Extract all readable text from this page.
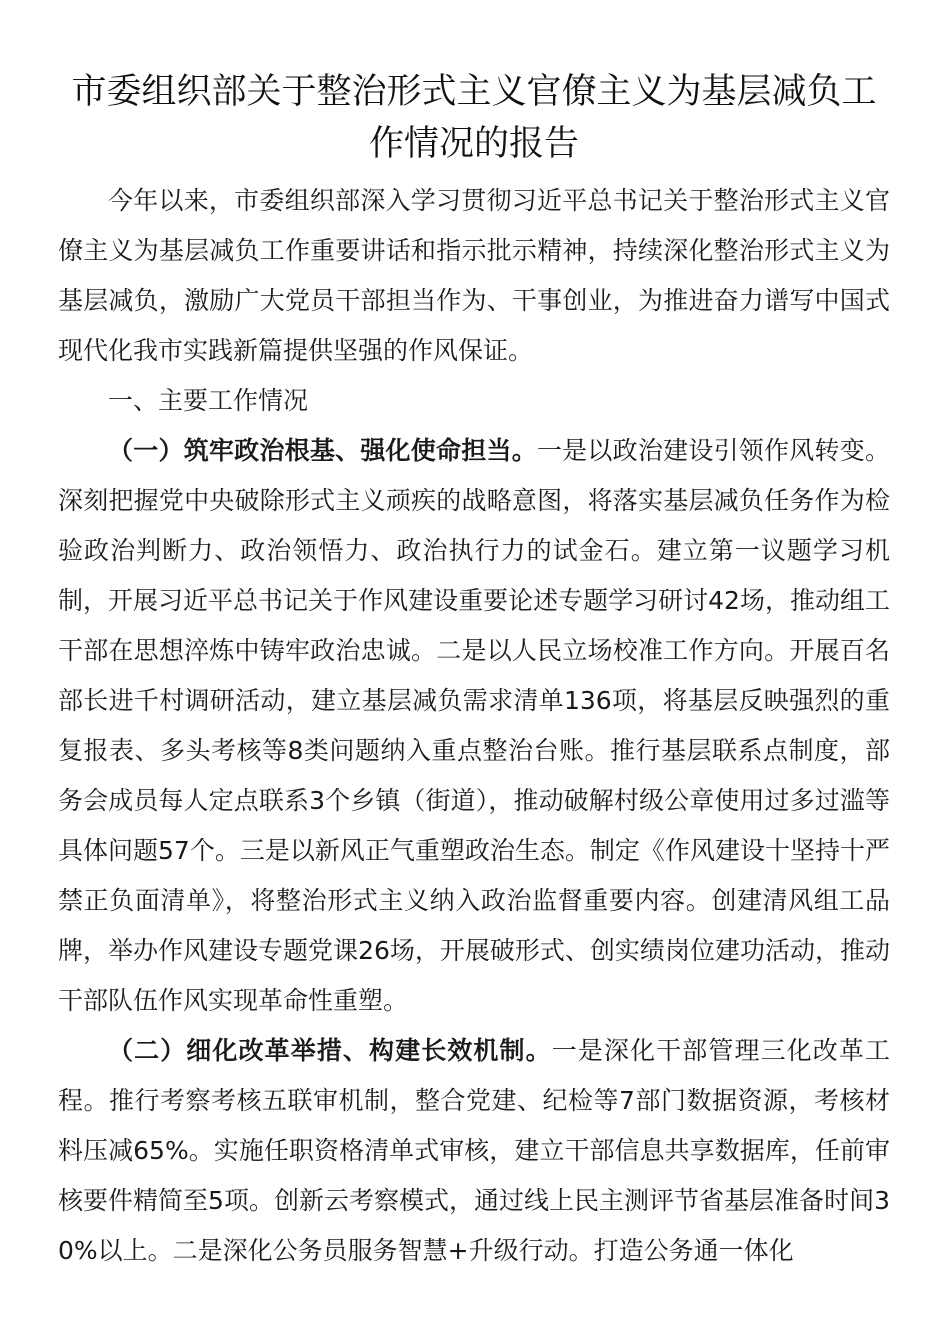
市委组织部关于整治形式主义官僚主义为基层减负工作情况的报告

今年以来，市委组织部深入学习贯彻习近平总书记关于整治形式主义官僚主义为基层减负工作重要讲话和指示批示精神，持续深化整治形式主义为基层减负，激励广大党员干部担当作为、干事创业，为推进奋力谱写中国式现代化我市实践新篇提供坚强的作风保证。

一、主要工作情况

（一）筑牢政治根基、强化使命担当。一是以政治建设引领作风转变。深刻把握党中央破除形式主义顽疾的战略意图，将落实基层减负任务作为检验政治判断力、政治领悟力、政治执行力的试金石。建立第一议题学习机制，开展习近平总书记关于作风建设重要论述专题学习研讨42场，推动组工干部在思想淬炼中铸牢政治忠诚。二是以人民立场校准工作方向。开展百名部长进千村调研活动，建立基层减负需求清单136项，将基层反映强烈的重复报表、多头考核等8类问题纳入重点整治台账。推行基层联系点制度，部务会成员每人定点联系3个乡镇（街道），推动破解村级公章使用过多过滥等具体问题57个。三是以新风正气重塑政治生态。制定《作风建设十坚持十严禁正负面清单》，将整治形式主义纳入政治监督重要内容。创建清风组工品牌，举办作风建设专题党课26场，开展破形式、创实绩岗位建功活动，推动干部队伍作风实现革命性重塑。

（二）细化改革举措、构建长效机制。一是深化干部管理三化改革工程。推行考察考核五联审机制，整合党建、纪检等7部门数据资源，考核材料压减65%。实施任职资格清单式审核，建立干部信息共享数据库，任前审核要件精简至5项。创新云考察模式，通过线上民主测评节省基层准备时间30%以上。二是深化公务员服务智慧+升级行动。打造公务通一体化
